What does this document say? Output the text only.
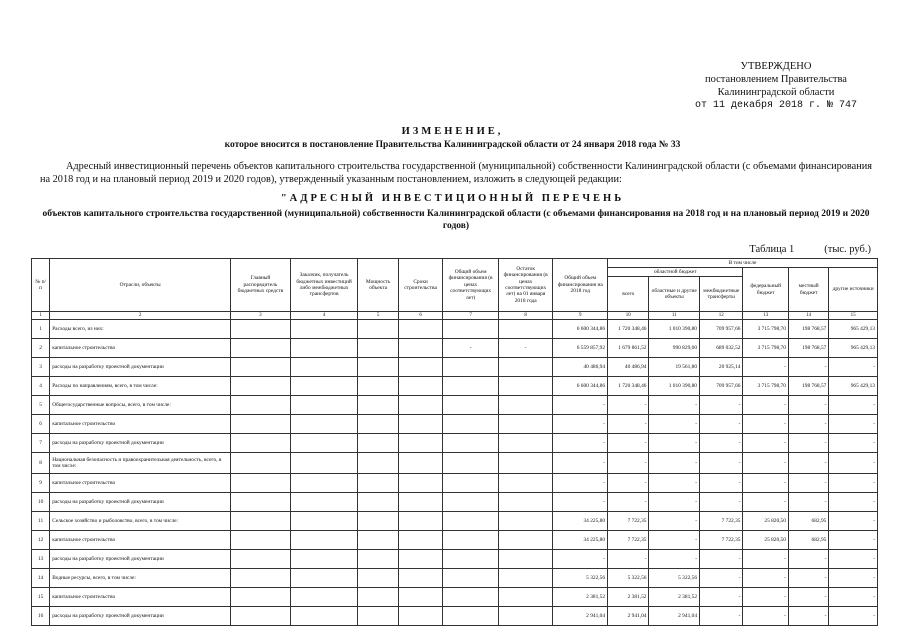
УТВЕРЖДЕНО
постановлением Правительства
Калининградской области
от 11 декабря 2018 г. № 747
ИЗМЕНЕНИЕ,
которое вносится в постановление Правительства Калининградской области от 24 января 2018 года № 33
Адресный инвестиционный перечень объектов капитального строительства государственной (муниципальной) собственности Калининградской области (с объемами финансирования на 2018 год и на плановый период 2019 и 2020 годов), утвержденный указанным постановлением, изложить в следующей редакции:
"АДРЕСНЫЙ ИНВЕСТИЦИОННЫЙ ПЕРЕЧЕНЬ
объектов капитального строительства государственной (муниципальной) собственности Калининградской области (с объемами финансирования на 2018 год и на плановый период 2019 и 2020 годов)
Таблица 1	(тыс. руб.)
№ п/п	Отрасли, объекты	Главный распорядитель бюджетных средств	Заказчик, получатель бюджетных инвестиций либо межбюджетных трансфертов	Мощность объекта	Сроки строительства	Общий объем финансирования (в ценах соответствующих лет)	Остаток финансирования (в ценах соответствующих лет) на 01 января 2018 года	Общий объем финансирования на 2018 год	В том числе					
									областной бюджет			федеральный бюджет	местный бюджет	другие источники
									всего	областные и другие объекты	межбюджетные трансферты			
1	2	3	4	5	6	7	8	9	10	11	12	13	14	15
1	Расходы всего, из них:							6 600 344,86	1 720 348,46	1 010 390,80	709 957,66	3 715 798,70	198 768,57	965 429,13
2	капитальное строительство					-	-	6 559 857,92	1 679 861,52	990 829,00	689 032,52	3 715 798,70	198 768,57	965 429,13
3	расходы на разработку проектной документации							40 486,94	40 486,94	19 561,80	20 925,14	-	-	-
4	Расходы по направлениям, всего, в том числе:							6 600 344,86	1 720 348,46	1 010 390,80	709 957,66	3 715 798,70	198 768,57	965 429,13
5	Общегосударственные вопросы, всего, в том числе:							-	-	-	-	-	-	-
6	капитальное строительство							-	-	-	-	-	-	-
7	расходы на разработку проектной документации							-	-	-	-	-	-	-
8	Национальная безопасность и правоохранительная деятельность, всего, в том числе:							-	-	-	-	-	-	-
9	капитальное строительство							-	-	-	-	-	-	-
10	расходы на разработку проектной документации							-	-	-	-	-	-	-
11	Сельское хозяйство и рыболовство, всего, в том числе:							34 225,80	7 722,35	-	7 722,35	25 820,50	682,95	-
12	капитальное строительство							34 225,80	7 722,35	-	7 722,35	25 820,50	682,95	-
13	расходы на разработку проектной документации							-	-	-	-	-	-	-
14	Водные ресурсы, всего, в том числе:							5 322,56	5 322,56	5 322,56	-	-	-	-
15	капитальное строительство							2 381,52	2 381,52	2 381,52	-	-	-	-
16	расходы на разработку проектной документации							2 941,04	2 941,04	2 941,04	-	-	-	-
